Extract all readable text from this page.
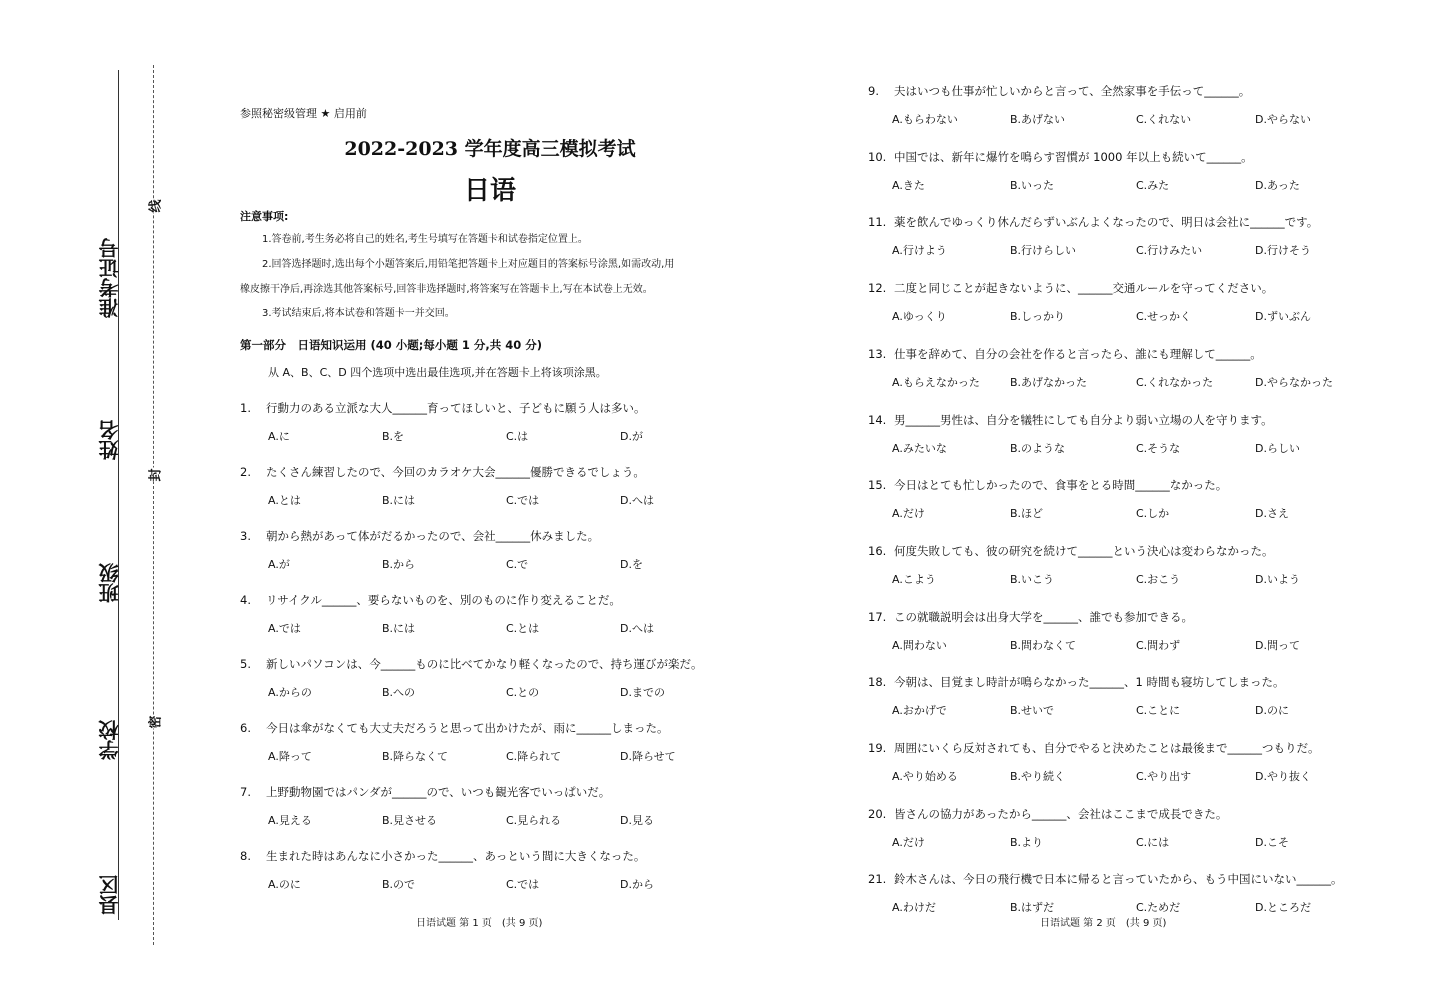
准考证号
姓名
班级
学校
县区
线
封
密
参照秘密级管理 ★ 启用前
2022-2023 学年度高三模拟考试
日语
注意事项:
1.答卷前,考生务必将自己的姓名,考生号填写在答题卡和试卷指定位置上。
2.回答选择题时,选出每个小题答案后,用铅笔把答题卡上对应题目的答案标号涂黑,如需改动,用
橡皮擦干净后,再涂选其他答案标号,回答非选择题时,将答案写在答题卡上,写在本试卷上无效。
3.考试结束后,将本试卷和答题卡一并交回。
第一部分　日语知识运用 (40 小题;每小题 1 分,共 40 分)
从 A、B、C、D 四个选项中选出最佳选项,并在答题卡上将该项涂黑。
1. 行動力のある立派な大人______育ってほしいと、子どもに願う人は多い。
A.に	B.を	C.は	D.が
2. たくさん練習したので、今回のカラオケ大会______優勝できるでしょう。
A.とは	B.には	C.では	D.へは
3. 朝から熱があって体がだるかったので、会社______休みました。
A.が	B.から	C.で	D.を
4. リサイクル______、要らないものを、別のものに作り変えることだ。
A.では	B.には	C.とは	D.へは
5. 新しいパソコンは、今______ものに比べてかなり軽くなったので、持ち運びが楽だ。
A.からの	B.への	C.との	D.までの
6. 今日は傘がなくても大丈夫だろうと思って出かけたが、雨に______しまった。
A.降って	B.降らなくて	C.降られて	D.降らせて
7. 上野動物園ではパンダが______ので、いつも観光客でいっぱいだ。
A.見える	B.見させる	C.見られる	D.見る
8. 生まれた時はあんなに小さかった______、あっという間に大きくなった。
A.のに	B.ので	C.では	D.から
日语试题 第 1 页　(共 9 页)
9. 夫はいつも仕事が忙しいからと言って、全然家事を手伝って______。
A.もらわない	B.あげない	C.くれない	D.やらない
10. 中国では、新年に爆竹を鳴らす習慣が 1000 年以上も続いて______。
A.きた	B.いった	C.みた	D.あった
11. 薬を飲んでゆっくり休んだらずいぶんよくなったので、明日は会社に______です。
A.行けよう	B.行けらしい	C.行けみたい	D.行けそう
12. 二度と同じことが起きないように、______交通ルールを守ってください。
A.ゆっくり	B.しっかり	C.せっかく	D.ずいぶん
13. 仕事を辞めて、自分の会社を作ると言ったら、誰にも理解して______。
A.もらえなかった	B.あげなかった	C.くれなかった	D.やらなかった
14. 男______男性は、自分を犠牲にしても自分より弱い立場の人を守ります。
A.みたいな	B.のような	C.そうな	D.らしい
15. 今日はとても忙しかったので、食事をとる時間______なかった。
A.だけ	B.ほど	C.しか	D.さえ
16. 何度失敗しても、彼の研究を続けて______という決心は変わらなかった。
A.こよう	B.いこう	C.おこう	D.いよう
17. この就職説明会は出身大学を______、誰でも参加できる。
A.問わない	B.問わなくて	C.問わず	D.問って
18. 今朝は、目覚まし時計が鳴らなかった______、1 時間も寝坊してしまった。
A.おかげで	B.せいで	C.ことに	D.のに
19. 周囲にいくら反対されても、自分でやると決めたことは最後まで______つもりだ。
A.やり始める	B.やり続く	C.やり出す	D.やり抜く
20. 皆さんの協力があったから______、会社はここまで成長できた。
A.だけ	B.より	C.には	D.こそ
21. 鈴木さんは、今日の飛行機で日本に帰ると言っていたから、もう中国にいない______。
A.わけだ	B.はずだ	C.ためだ	D.ところだ
日语试题 第 2 页　(共 9 页)
